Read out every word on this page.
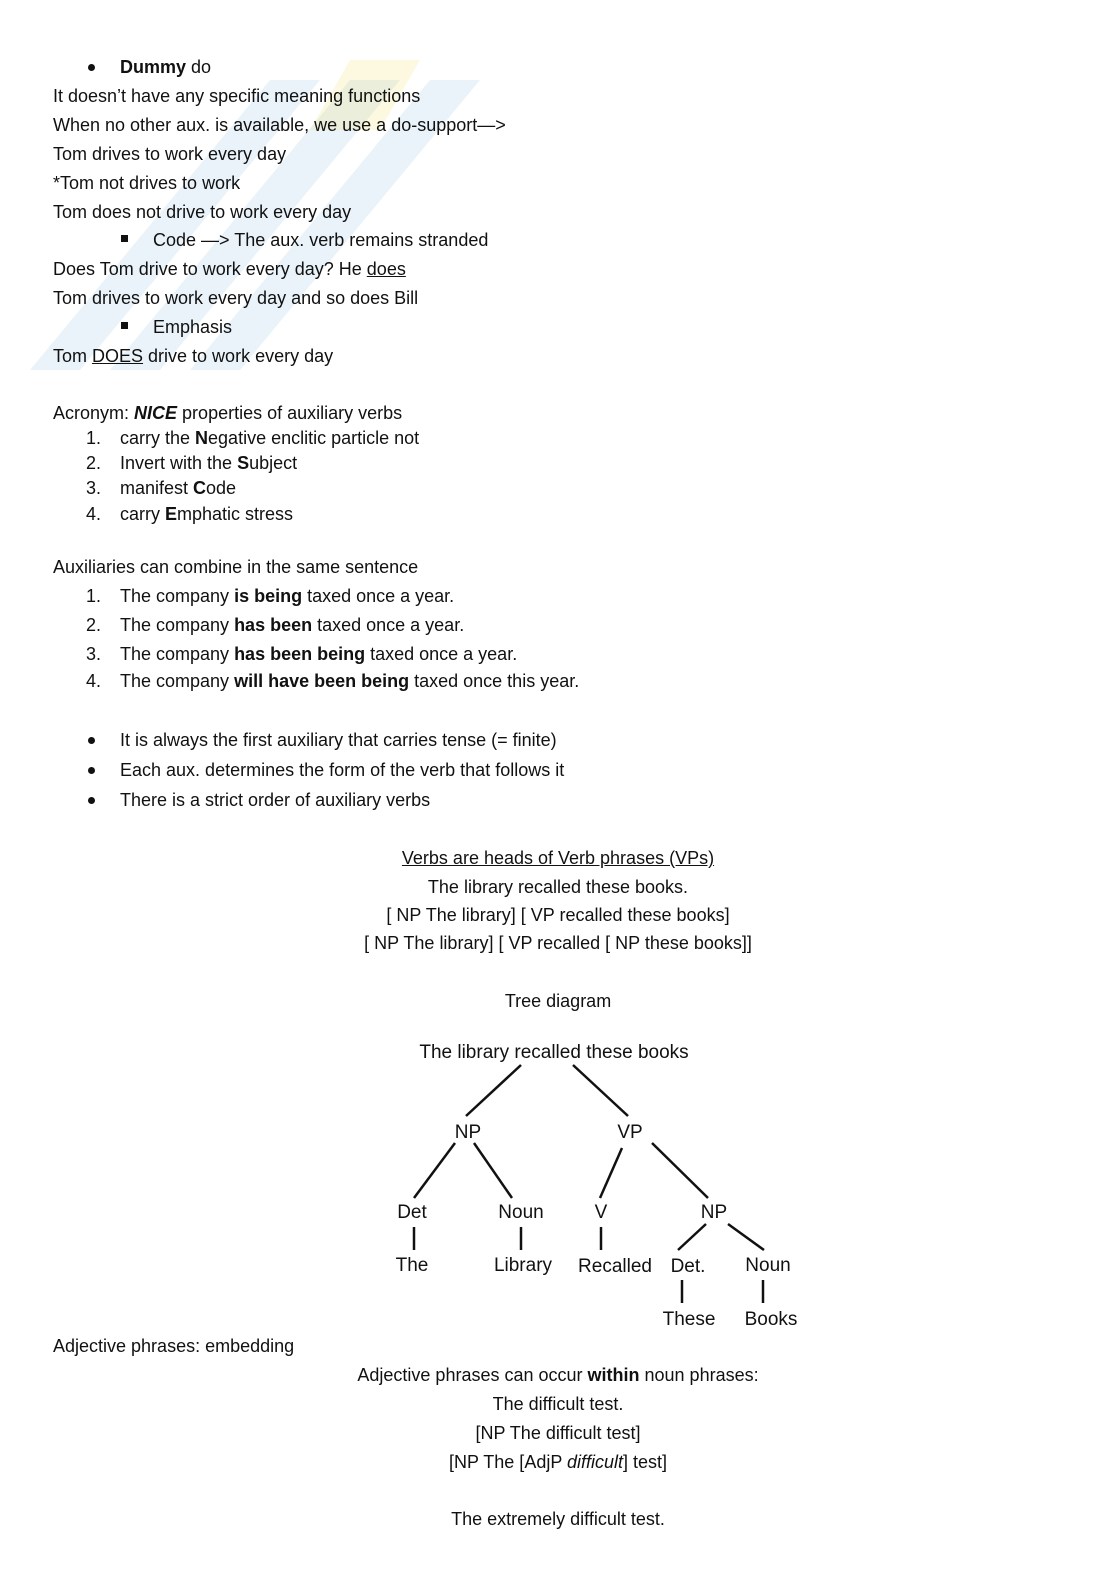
Dummy do
It doesn’t have any specific meaning functions
When no other aux. is available, we use a do-support—>
Tom drives to work every day
*Tom not drives to work
Tom does not drive to work every day
Code —> The aux. verb remains stranded
Does Tom drive to work every day? He does
Tom drives to work every day and so does Bill
Emphasis
Tom DOES drive to work every day
Acronym: NICE properties of auxiliary verbs
1. carry the Negative enclitic particle not
2. Invert with the Subject
3. manifest Code
4. carry Emphatic stress
Auxiliaries can combine in the same sentence
1. The company is being taxed once a year.
2. The company has been taxed once a year.
3. The company has been being taxed once a year.
4. The company will have been being taxed once this year.
It is always the first auxiliary that carries tense (= finite)
Each aux. determines the form of the verb that follows it
There is a strict order of auxiliary verbs
Verbs are heads of Verb phrases (VPs)
The library recalled these books.
[ NP The library] [ VP recalled these books]
[ NP The library] [ VP recalled [ NP these books]]
Tree diagram
The library recalled these books
NP	VP
Det	Noun	V	NP
The	Library Recalled Det. Noun
These Books
Adjective phrases: embedding
Adjective phrases can occur within noun phrases:
The difficult test.
[NP The difficult test]
[NP The [AdjP difficult] test]
The extremely difficult test.
